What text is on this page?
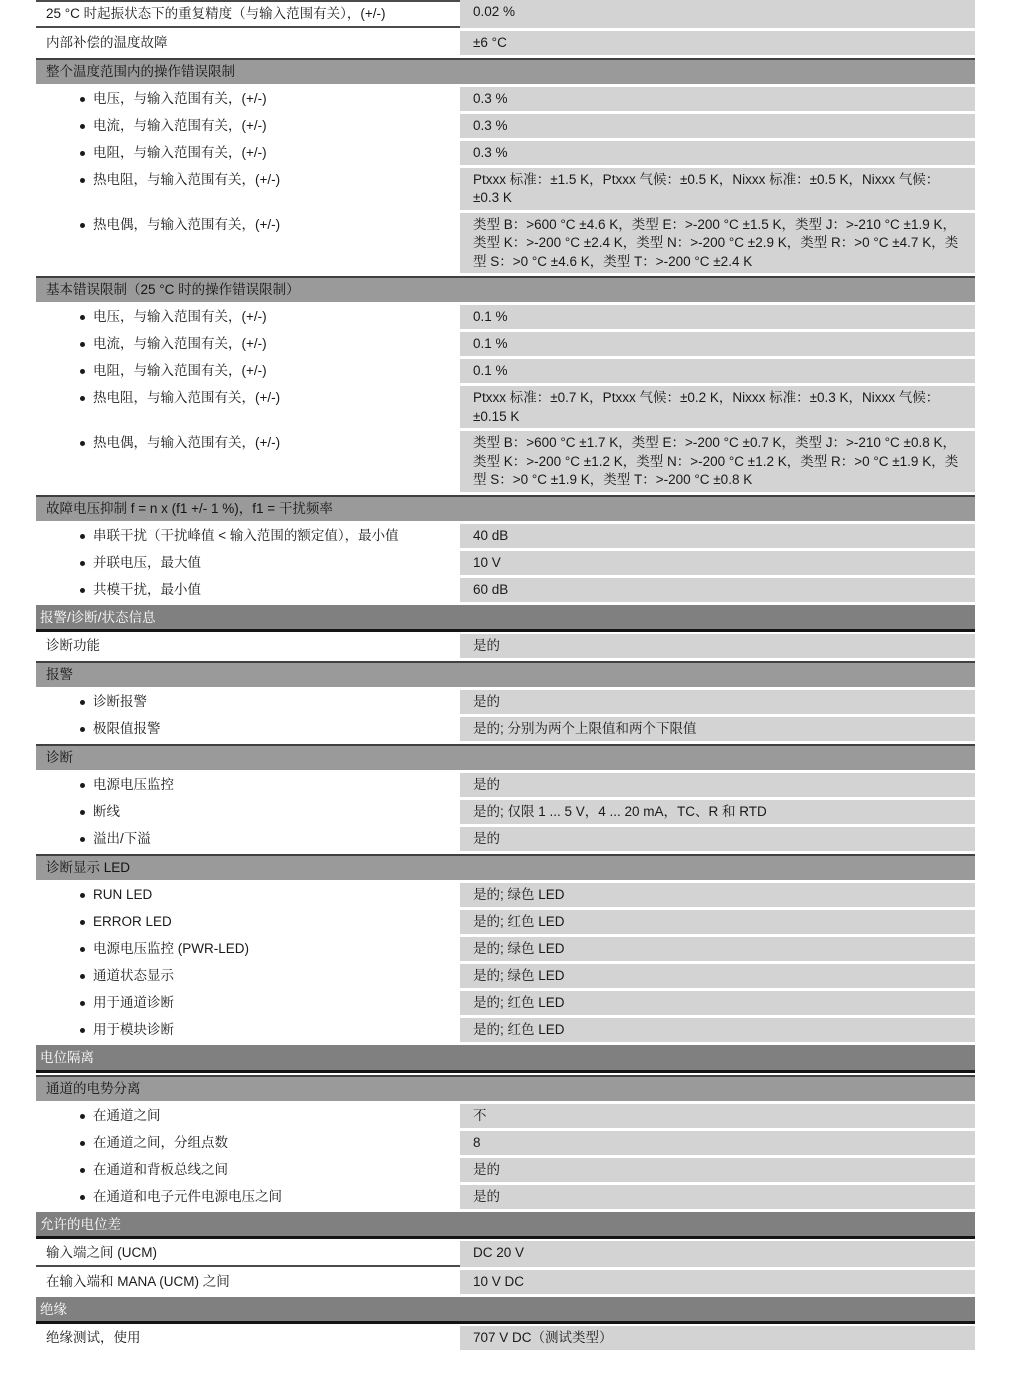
25 °C 时起振状态下的重复精度（与输入范围有关），(+/-)	0.02 %
内部补偿的温度故障	±6 °C
整个温度范围内的操作错误限制
电压，与输入范围有关，(+/-)	0.3 %
电流，与输入范围有关，(+/-)	0.3 %
电阻，与输入范围有关，(+/-)	0.3 %
热电阻，与输入范围有关，(+/-)	Ptxxx 标准：±1.5 K，Ptxxx 气候：±0.5 K，Nixxx 标准：±0.5 K，Nixxx 气候：±0.3 K
热电偶，与输入范围有关，(+/-)	类型 B：>600 °C ±4.6 K，类型 E：>-200 °C ±1.5 K，类型 J：>-210 °C ±1.9 K，类型 K：>-200 °C ±2.4 K，类型 N：>-200 °C ±2.9 K，类型 R：>0 °C ±4.7 K，类型 S：>0 °C ±4.6 K，类型 T：>-200 °C ±2.4 K
基本错误限制（25 °C 时的操作错误限制）
电压，与输入范围有关，(+/-)	0.1 %
电流，与输入范围有关，(+/-)	0.1 %
电阻，与输入范围有关，(+/-)	0.1 %
热电阻，与输入范围有关，(+/-)	Ptxxx 标准：±0.7 K，Ptxxx 气候：±0.2 K，Nixxx 标准：±0.3 K，Nixxx 气候：±0.15 K
热电偶，与输入范围有关，(+/-)	类型 B：>600 °C ±1.7 K，类型 E：>-200 °C ±0.7 K，类型 J：>-210 °C ±0.8 K，类型 K：>-200 °C ±1.2 K，类型 N：>-200 °C ±1.2 K，类型 R：>0 °C ±1.9 K，类型 S：>0 °C ±1.9 K，类型 T：>-200 °C ±0.8 K
故障电压抑制 f = n x (f1 +/- 1 %)，f1 = 干扰频率
串联干扰（干扰峰值 < 输入范围的额定值），最小值	40 dB
并联电压，最大值	10 V
共模干扰，最小值	60 dB
报警/诊断/状态信息
诊断功能	是的
报警
诊断报警	是的
极限值报警	是的; 分别为两个上限值和两个下限值
诊断
电源电压监控	是的
断线	是的; 仅限 1 ... 5 V，4 ... 20 mA，TC、R 和 RTD
溢出/下溢	是的
诊断显示 LED
RUN LED	是的; 绿色 LED
ERROR LED	是的; 红色 LED
电源电压监控 (PWR-LED)	是的; 绿色 LED
通道状态显示	是的; 绿色 LED
用于通道诊断	是的; 红色 LED
用于模块诊断	是的; 红色 LED
电位隔离
通道的电势分离
在通道之间	不
在通道之间，分组点数	8
在通道和背板总线之间	是的
在通道和电子元件电源电压之间	是的
允许的电位差
输入端之间 (UCM)	DC 20 V
在输入端和 MANA (UCM) 之间	10 V DC
绝缘
绝缘测试，使用	707 V DC（测试类型）
